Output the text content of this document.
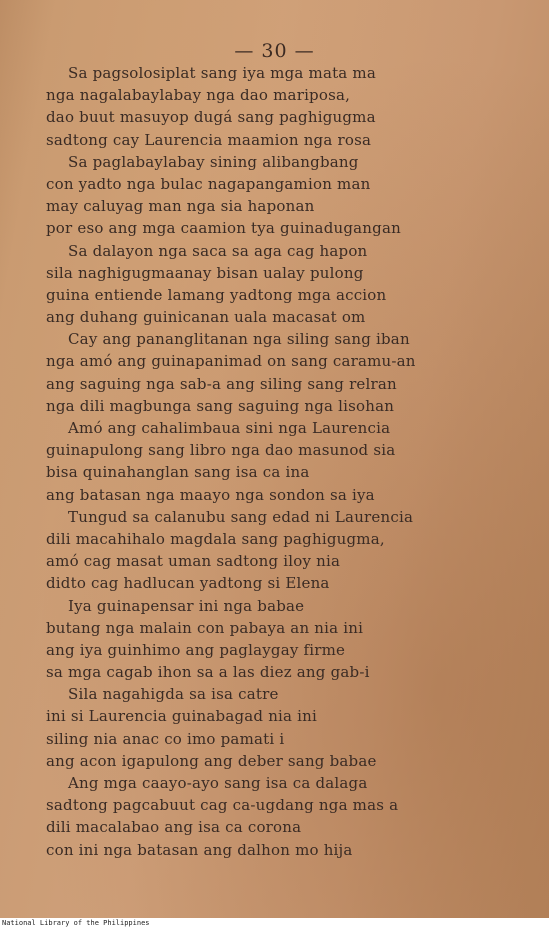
— 30 —
Sa pagsolosiplat sang iya mga mata ma
nga nagalabaylabay nga dao mariposa,
dao buut masuyop dugá sang paghigugma
sadtong cay Laurencia maamion nga rosa
Sa paglabaylabay sining alibangbang
con yadto nga bulac nagapangamion man
may caluyag man nga sia haponan
por eso ang mga caamion tya guinadugangan
Sa dalayon nga saca sa aga cag hapon
sila naghigugmaanay bisan ualay pulong
guina entiende lamang yadtong mga accion
ang duhang guinicanan uala macasat om
Cay ang pananglitanan nga siling sang iban
nga amó ang guinapanimad on sang caramu-an
ang saguing nga sab-a ang siling sang relran
nga dili magbunga sang saguing nga lisohan
Amó ang cahalimbaua sini nga Laurencia
guinapulong sang libro nga dao masunod sia
bisa quinahanglan sang isa ca ina
ang batasan nga maayo nga sondon sa iya
Tungud sa calanubu sang edad ni Laurencia
dili macahihalo magdala sang paghigugma,
amó cag masat uman sadtong iloy nia
didto cag hadlucan yadtong si Elena
Iya guinapensar ini nga babae
butang nga malain con pabaya an nia ini
ang iya guinhimo ang paglaygay firme
sa mga cagab ihon sa a las diez ang gab-i
Sila nagahigda sa isa catre
ini si Laurencia guinabagad nia ini
siling nia anac co imo pamati i
ang acon igapulong ang deber sang babae
Ang mga caayo-ayo sang isa ca dalaga
sadtong pagcabuut cag ca-ugdang nga mas a
dili macalabao ang isa ca corona
con ini nga batasan ang dalhon mo hija
National Library of the Philippines
